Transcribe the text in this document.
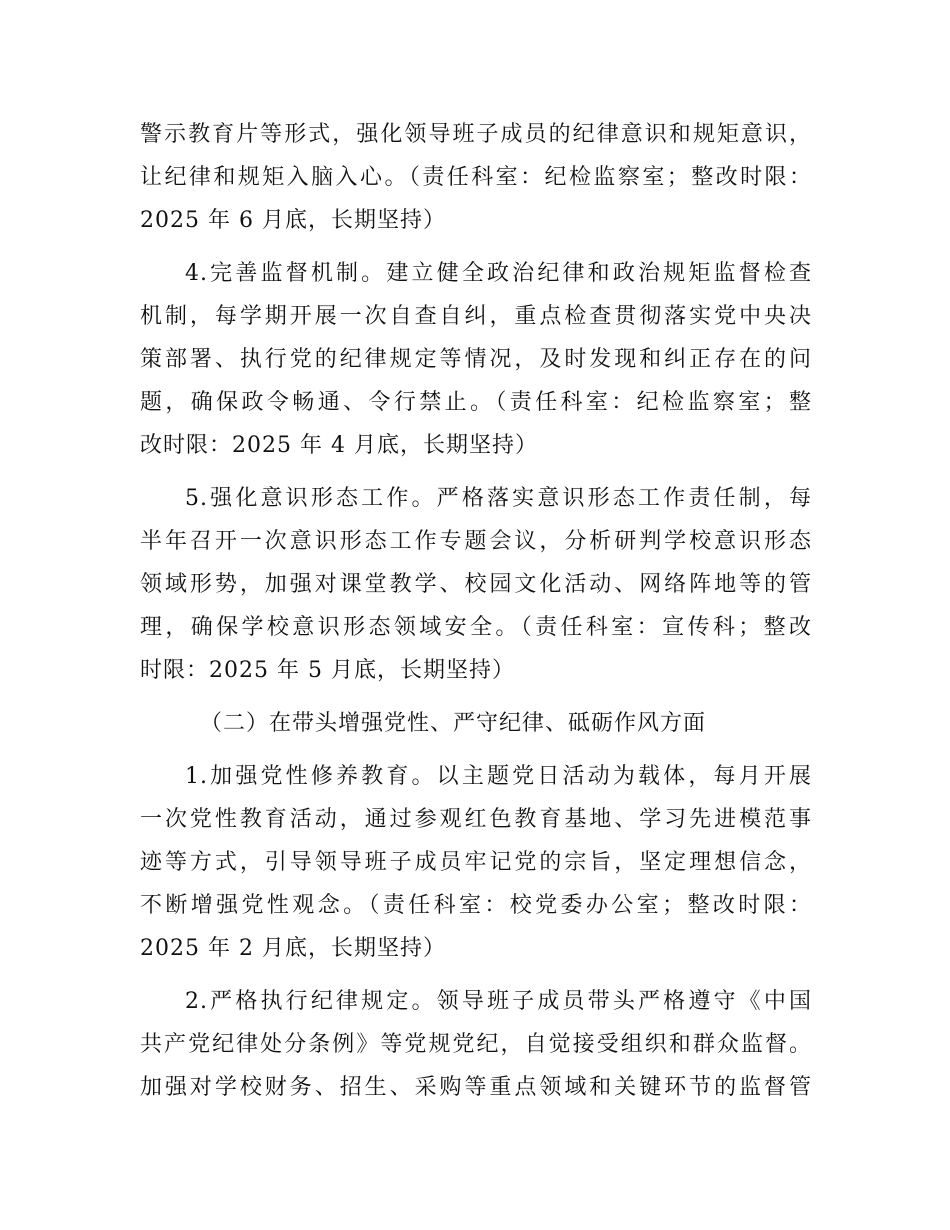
警示教育片等形式，强化领导班子成员的纪律意识和规矩意识，
让纪律和规矩入脑入心。（责任科室：纪检监察室；整改时限：
2025 年 6 月底，长期坚持）
4.完善监督机制。建立健全政治纪律和政治规矩监督检查
机制，每学期开展一次自查自纠，重点检查贯彻落实党中央决
策部署、执行党的纪律规定等情况，及时发现和纠正存在的问
题，确保政令畅通、令行禁止。（责任科室：纪检监察室；整
改时限：2025 年 4 月底，长期坚持）
5.强化意识形态工作。严格落实意识形态工作责任制，每
半年召开一次意识形态工作专题会议，分析研判学校意识形态
领域形势，加强对课堂教学、校园文化活动、网络阵地等的管
理，确保学校意识形态领域安全。（责任科室：宣传科；整改
时限：2025 年 5 月底，长期坚持）
（二）在带头增强党性、严守纪律、砥砺作风方面
1.加强党性修养教育。以主题党日活动为载体，每月开展
一次党性教育活动，通过参观红色教育基地、学习先进模范事
迹等方式，引导领导班子成员牢记党的宗旨，坚定理想信念，
不断增强党性观念。（责任科室：校党委办公室；整改时限：
2025 年 2 月底，长期坚持）
2.严格执行纪律规定。领导班子成员带头严格遵守《中国
共产党纪律处分条例》等党规党纪，自觉接受组织和群众监督。
加强对学校财务、招生、采购等重点领域和关键环节的监督管
